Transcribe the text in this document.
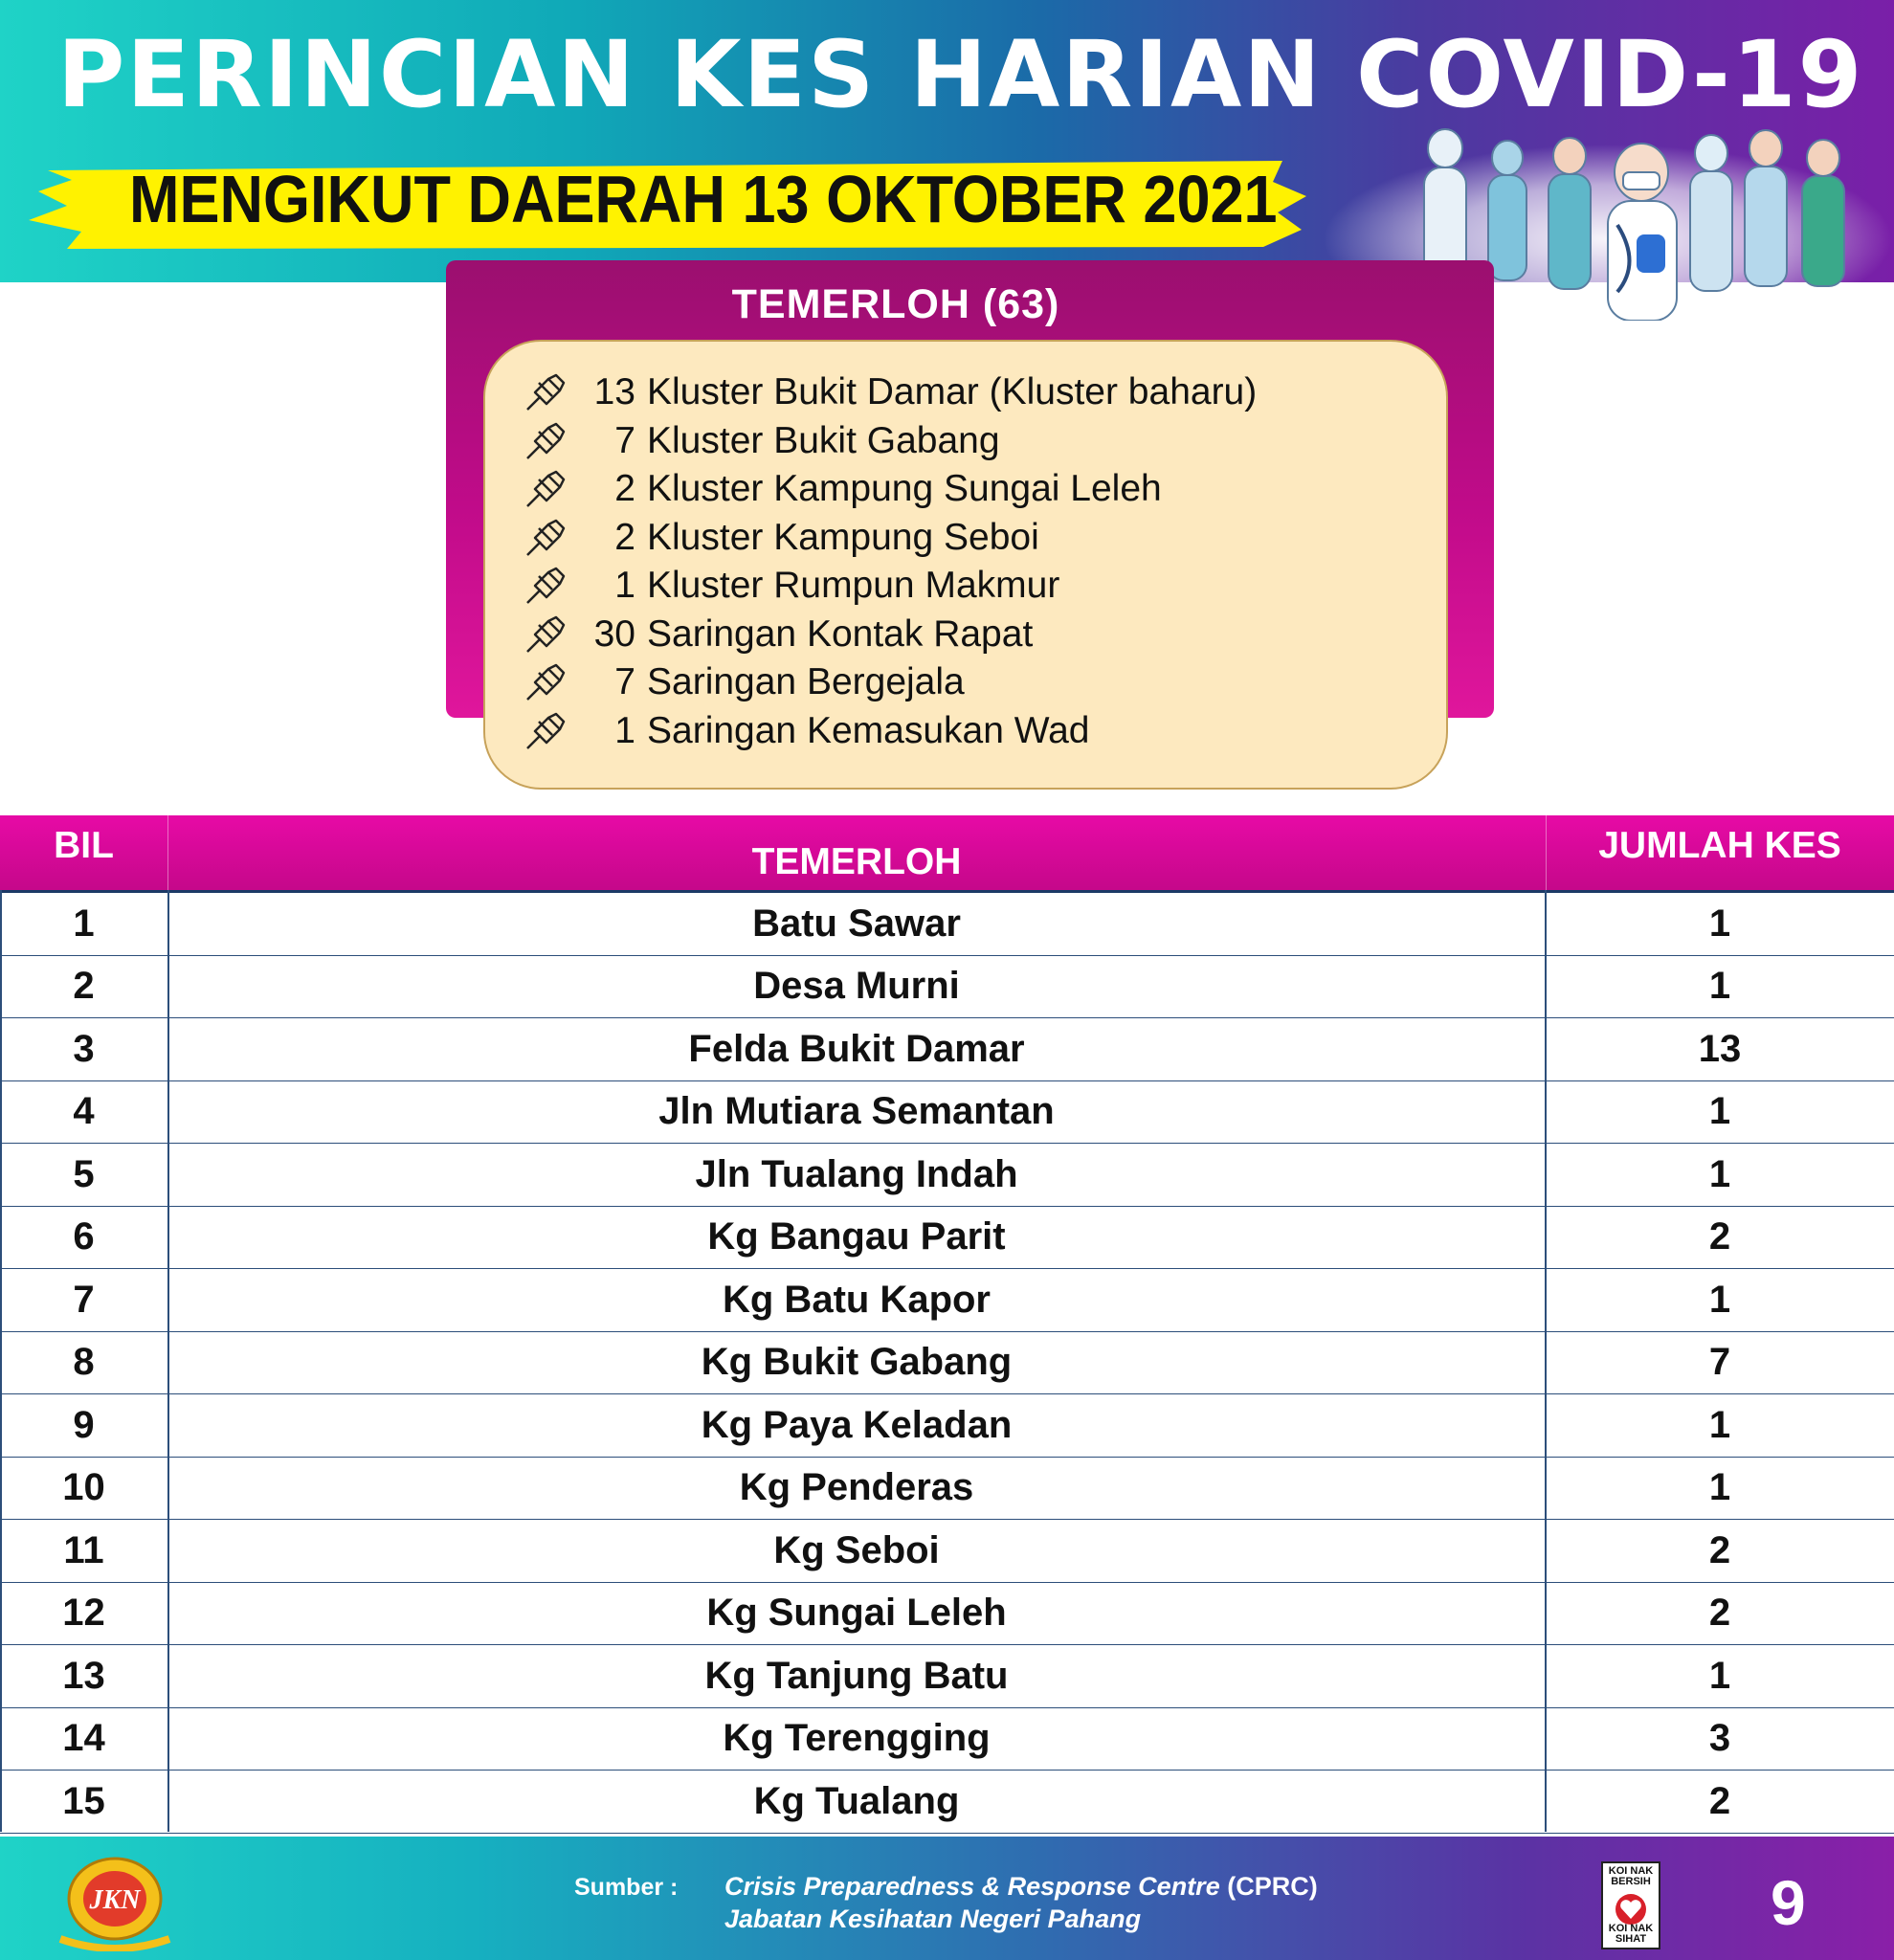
PERINCIAN KES HARIAN COVID-19
MENGIKUT DAERAH 13 OKTOBER 2021
TEMERLOH (63)
13 Kluster Bukit Damar (Kluster baharu)
7 Kluster Bukit Gabang
2 Kluster Kampung Sungai Leleh
2 Kluster Kampung Seboi
1 Kluster Rumpun Makmur
30 Saringan Kontak Rapat
7 Saringan Bergejala
1 Saringan Kemasukan Wad
BIL	TEMERLOH	JUMLAH KES
1	Batu Sawar	1
2	Desa Murni	1
3	Felda Bukit Damar	13
4	Jln Mutiara Semantan	1
5	Jln Tualang Indah	1
6	Kg Bangau Parit	2
7	Kg Batu Kapor	1
8	Kg Bukit Gabang	7
9	Kg Paya Keladan	1
10	Kg Penderas	1
11	Kg Seboi	2
12	Kg Sungai Leleh	2
13	Kg Tanjung Batu	1
14	Kg Terengging	3
15	Kg Tualang	2
JKN	Sumber : Crisis Preparedness & Response Centre (CPRC)
Jabatan Kesihatan Negeri Pahang
KOI NAK BERSIH
KOI NAK SIHAT
9
